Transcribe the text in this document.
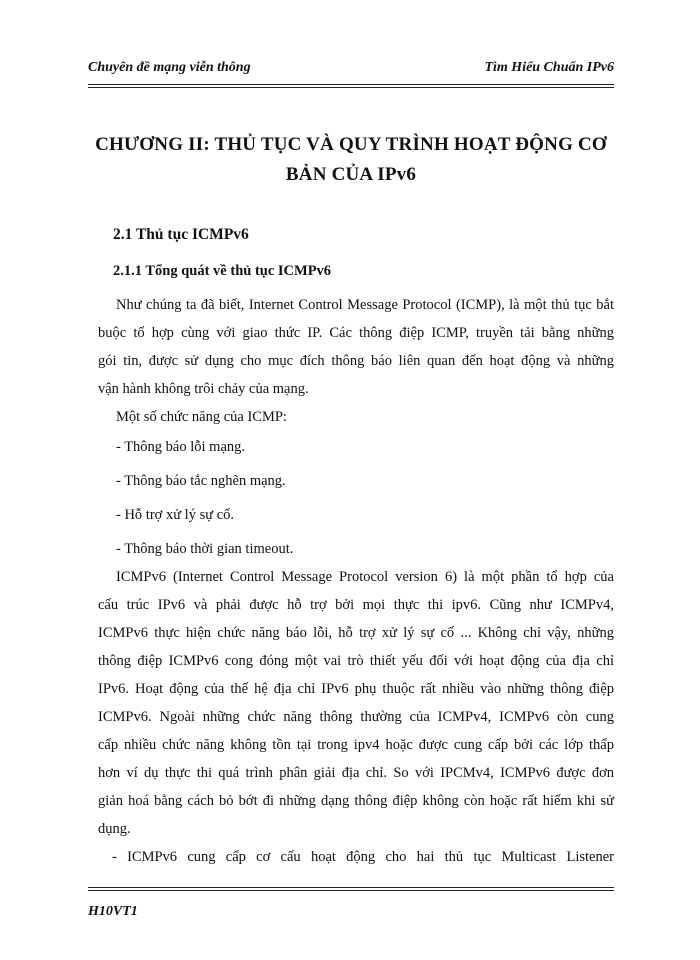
Chuyên đề mạng viễn thông	Tìm Hiểu Chuẩn IPv6
CHƯƠNG II: THỦ TỤC VÀ QUY TRÌNH HOẠT ĐỘNG CƠ
BẢN CỦA IPv6
2.1 Thủ tục ICMPv6
2.1.1 Tổng quát về thủ tục ICMPv6

Như chúng ta đã biết, Internet Control Message Protocol (ICMP), là một thủ tục bắt

buộc tổ hợp cùng với giao thức IP. Các thông điệp ICMP, truyền tải bằng những

gói tin, được sử dụng cho mục đích thông báo liên quan đến hoạt động và những

vận hành không trôi chảy của mạng.

Một số chức năng của ICMP:

- Thông báo lỗi mạng.

- Thông báo tắc nghẽn mạng.

- Hỗ trợ xử lý sự cố.

- Thông báo thời gian timeout.

ICMPv6 (Internet Control Message Protocol version 6) là một phần tổ hợp của

cấu trúc IPv6 và phải được hỗ trợ bởi mọi thực thi ipv6. Cũng như ICMPv4,

ICMPv6 thực hiện chức năng báo lỗi, hỗ trợ xử lý sự cố ... Không chỉ vậy, những

thông điệp ICMPv6 cong đóng một vai trò thiết yếu đối với hoạt động của địa chỉ

IPv6. Hoạt động của thế hệ địa chỉ IPv6 phụ thuộc rất nhiều vào những thông điệp

ICMPv6. Ngoài những chức năng thông thường của ICMPv4, ICMPv6 còn cung

cấp nhiều chức năng không tồn tại trong ipv4 hoặc được cung cấp bởi các lớp thấp

hơn ví dụ thực thi quá trình phân giải địa chỉ. So với IPCMv4, ICMPv6 được đơn

giản hoá bằng cách bỏ bớt đi những dạng thông điệp không còn hoặc rất hiếm khi sử

dụng.

- ICMPv6 cung cấp cơ cấu hoạt động cho hai thủ tục Multicast Listener

H10VT1
